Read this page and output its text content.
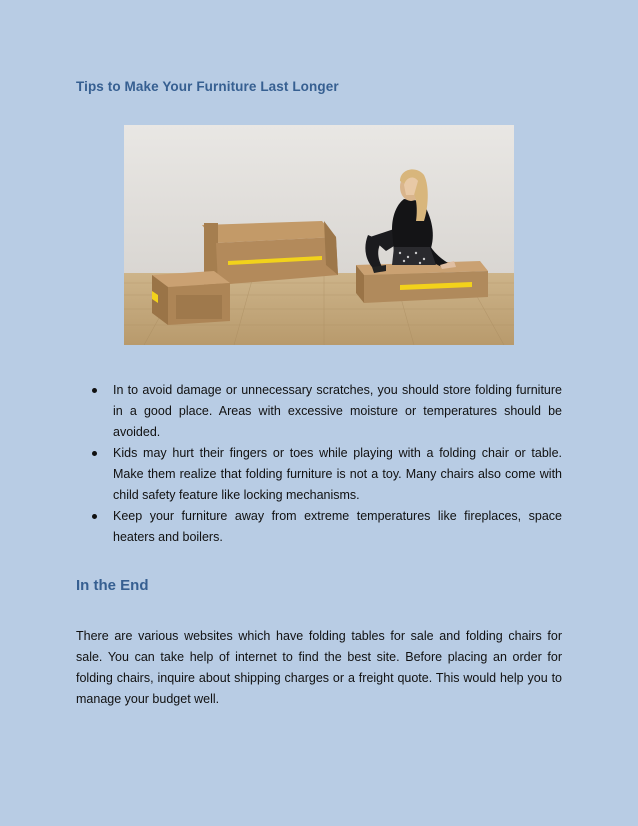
Tips to Make Your Furniture Last Longer
In to avoid damage or unnecessary scratches, you should store folding furniture in a good place. Areas with excessive moisture or temperatures should be avoided.
Kids may hurt their fingers or toes while playing with a folding chair or table. Make them realize that folding furniture is not a toy. Many chairs also come with child safety feature like locking mechanisms.
Keep your furniture away from extreme temperatures like fireplaces, space heaters and boilers.
In the End

There are various websites which have folding tables for sale and folding chairs for sale. You can take help of internet to find the best site. Before placing an order for folding chairs, inquire about shipping charges or a freight quote. This would help you to manage your budget well.
